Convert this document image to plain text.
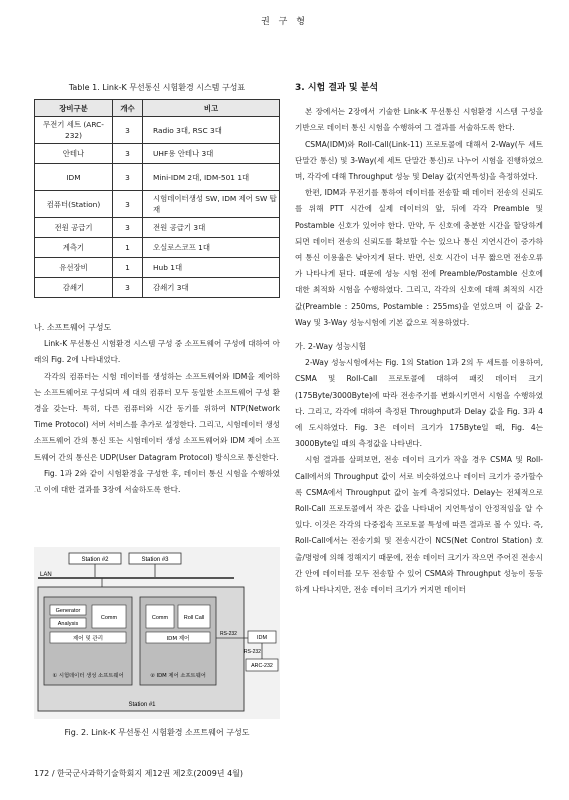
권 구 형
Table 1. Link-K 무선통신 시험환경 시스템 구성표
장비구분	개수	비고
무전기 세트 (ARC-232)	3	Radio 3대, RSC 3대
안테나	3	UHF용 안테나 3대
IDM	3	Mini-IDM 2대, IDM-501 1대
컴퓨터(Station)	3	시험데이터생성 SW, IDM 제어 SW 탑재
전원 공급기	3	전원 공급기 3대
계측기	1	오실로스코프 1대
유선장비	1	Hub 1대
감쇄기	3	감쇄기 3대
나. 소프트웨어 구성도

Link-K 무선통신 시험환경 시스템 구성 중 소프트웨어 구성에 대하여 아래의 Fig. 2에 나타내었다.

각각의 컴퓨터는 시험 데이터를 생성하는 소프트웨어와 IDM을 제어하는 소프트웨어로 구성되며 세 대의 컴퓨터 모두 동일한 소프트웨어 구성 환경을 갖는다. 특히, 다른 컴퓨터와 시간 동기를 위하여 NTP(Network Time Protocol) 서버 서비스를 추가로 설정한다. 그리고, 시험데이터 생성 소프트웨어 간의 통신 또는 시험데이터 생성 소프트웨어와 IDM 제어 소프트웨어 간의 통신은 UDP(User Datagram Protocol) 방식으로 통신한다.

Fig. 1과 2와 같이 시험환경을 구성한 후, 데이터 통신 시험을 수행하였고 이에 대한 결과를 3장에 서술하도록 한다.

Station #2	Station #3
LAN
Station #1
Generator
Analysis
Comm
제어 및 관리
① 시험데이터 생성 소프트웨어
Comm	Roll Call
IDM 제어
② IDM 제어 소프트웨어
RS-232
IDM
RS-232
ARC-232
Fig. 2. Link-K 무선통신 시험환경 소프트웨어 구성도
3. 시험 결과 및 분석

본 장에서는 2장에서 기술한 Link-K 무선통신 시험환경 시스템 구성을 기반으로 데이터 통신 시험을 수행하여 그 결과를 서술하도록 한다.

CSMA(IDM)와 Roll-Call(Link-11) 프로토콜에 대해서 2-Way(두 세트 단말간 통신) 및 3-Way(세 세트 단말간 통신)로 나누어 시험을 진행하였으며, 각각에 대해 Throughput 성능 및 Delay 값(지연특성)을 측정하였다.

한편, IDM과 무전기를 통하여 데이터를 전송할 때 데이터 전송의 신뢰도를 위해 PTT 시간에 실제 데이터의 앞, 뒤에 각각 Preamble 및 Postamble 신호가 있어야 한다. 만약, 두 신호에 충분한 시간을 할당하게 되면 데이터 전송의 신뢰도를 확보할 수는 있으나 통신 지연시간이 증가하여 통신 이용율은 낮아지게 된다. 반면, 신호 시간이 너무 짧으면 전송오류가 나타나게 된다. 때문에 성능 시험 전에 Preamble/Postamble 신호에 대한 최적화 시험을 수행하였다. 그리고, 각각의 신호에 대해 최적의 시간 값(Preamble : 250ms, Postamble : 255ms)을 얻었으며 이 값을 2-Way 및 3-Way 성능시험에 기본 값으로 적용하였다.

가. 2-Way 성능시험

2-Way 성능시험에서는 Fig. 1의 Station 1과 2의 두 세트를 이용하여, CSMA 및 Roll-Call 프로토콜에 대하여 패킷 데이터 크기(175Byte/3000Byte)에 따라 전송주기를 변화시키면서 시험을 수행하였다. 그리고, 각각에 대하여 측정된 Throughput과 Delay 값을 Fig. 3과 4에 도시하였다. Fig. 3은 데이터 크기가 175Byte일 때, Fig. 4는 3000Byte일 때의 측정값을 나타낸다.

시험 결과를 살펴보면, 전송 데이터 크기가 작을 경우 CSMA 및 Roll-Call에서의 Throughput 값이 서로 비슷하였으나 데이터 크기가 증가할수록 CSMA에서 Throughput 값이 높게 측정되었다. Delay는 전체적으로 Roll-Call 프로토콜에서 작은 값을 나타내어 지연특성이 안정적임을 알 수 있다. 이것은 각각의 다중접속 프로토콜 특성에 따른 결과로 볼 수 있다. 즉, Roll-Call에서는 전송기회 및 전송시간이 NCS(Net Control Station) 호출/명령에 의해 정해지기 때문에, 전송 데이터 크기가 작으면 주어진 전송시간 안에 데이터를 모두 전송할 수 있어 CSMA와 Throughput 성능이 동등하게 나타나지만, 전송 데이터 크기가 커지면 데이터

172 / 한국군사과학기술학회지 제12권 제2호(2009년 4월)
